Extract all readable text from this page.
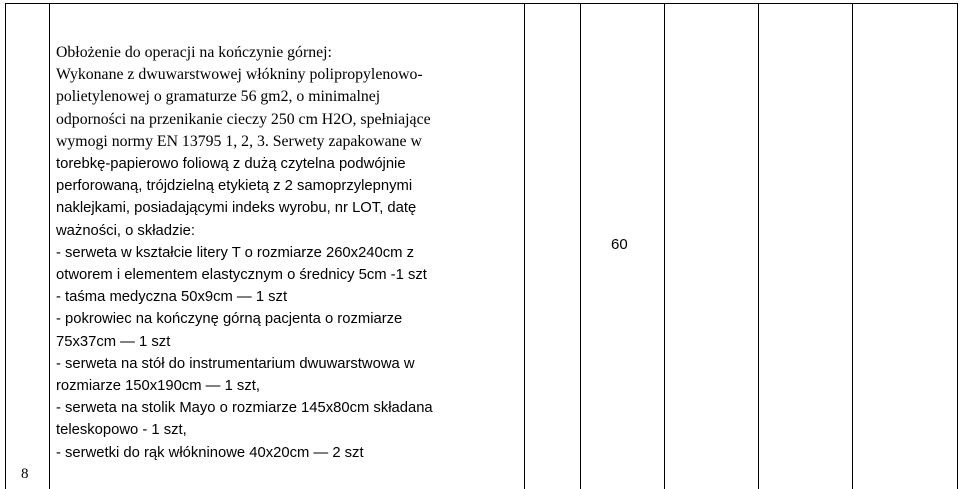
8
Obłożenie do operacji na kończynie górnej:
Wykonane z dwuwarstwowej włókniny polipropylenowo-
polietylenowej o gramaturze 56 gm2, o minimalnej
odporności na przenikanie cieczy 250 cm H2O, spełniające
wymogi normy EN 13795 1, 2, 3. Serwety zapakowane w
torebkę-papierowo foliową z dużą czytelna podwójnie
perforowaną, trójdzielną etykietą z 2 samoprzylepnymi
naklejkami, posiadającymi indeks wyrobu, nr LOT, datę
ważności, o składzie:
- serweta w kształcie litery T o rozmiarze 260x240cm z
otworem i elementem elastycznym o średnicy 5cm -1 szt
- taśma medyczna 50x9cm — 1 szt
- pokrowiec na kończynę górną pacjenta o rozmiarze
75x37cm — 1 szt
- serweta na stół do instrumentarium dwuwarstwowa w
rozmiarze 150x190cm — 1 szt,
- serweta na stolik Mayo o rozmiarze 145x80cm składana
teleskopowo - 1 szt,
- serwetki do rąk włókninowe 40x20cm — 2 szt
60
